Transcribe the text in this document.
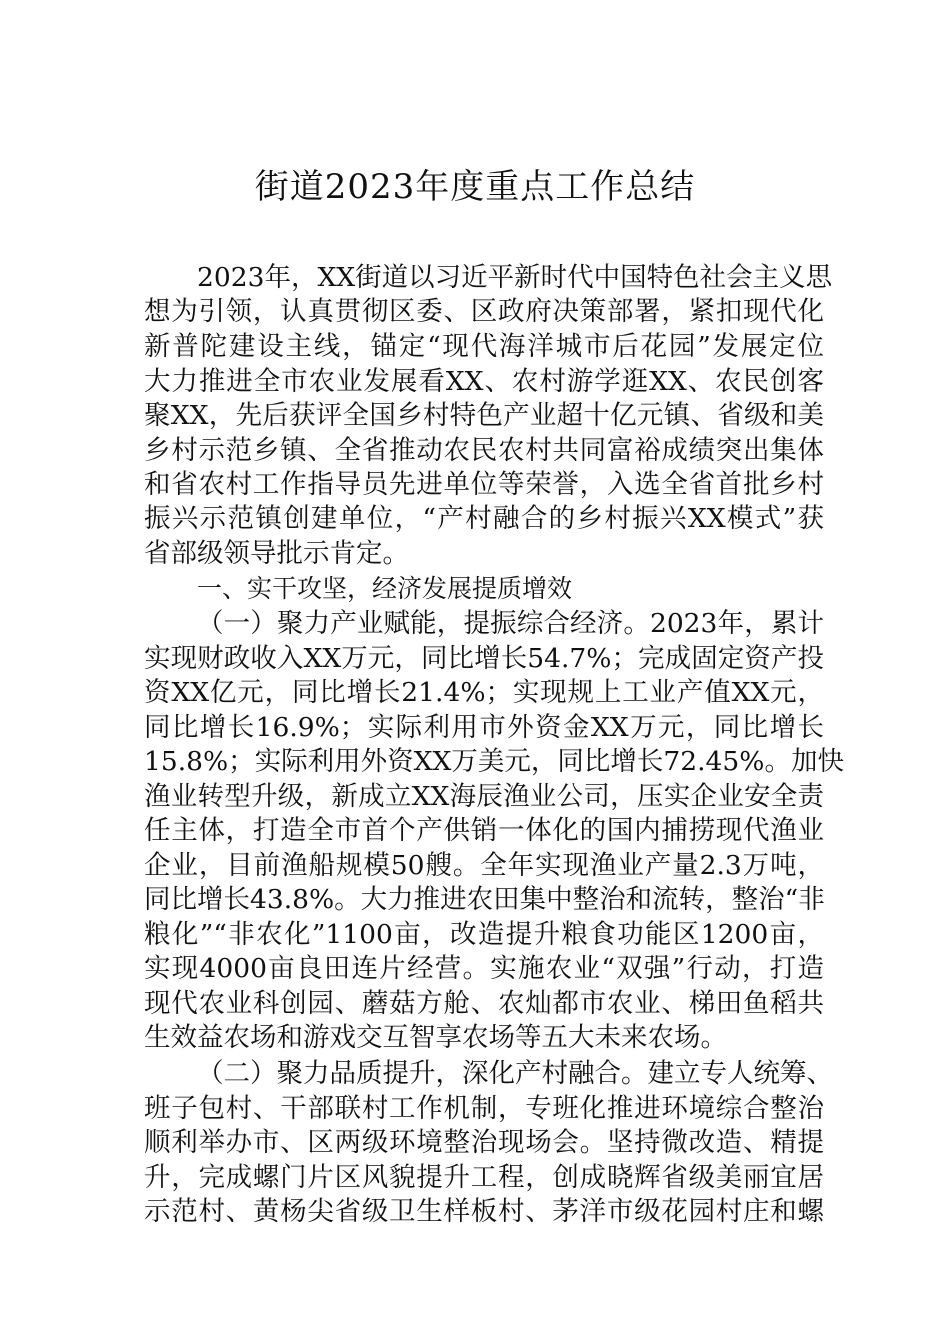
街道2023年度重点工作总结
2023年，XX街道以习近平新时代中国特色社会主义思
想为引领，认真贯彻区委、区政府决策部署，紧扣现代化
新普陀建设主线，锚定“现代海洋城市后花园”发展定位
大力推进全市农业发展看XX、农村游学逛XX、农民创客
聚XX，先后获评全国乡村特色产业超十亿元镇、省级和美
乡村示范乡镇、全省推动农民农村共同富裕成绩突出集体
和省农村工作指导员先进单位等荣誉，入选全省首批乡村
振兴示范镇创建单位，“产村融合的乡村振兴XX模式”获
省部级领导批示肯定。
一、实干攻坚，经济发展提质增效
（一）聚力产业赋能，提振综合经济。2023年，累计
实现财政收入XX万元，同比增长54.7%；完成固定资产投
资XX亿元，同比增长21.4%；实现规上工业产值XX元，
同比增长16.9%；实际利用市外资金XX万元，同比增长
15.8%；实际利用外资XX万美元，同比增长72.45%。加快
渔业转型升级，新成立XX海辰渔业公司，压实企业安全责
任主体，打造全市首个产供销一体化的国内捕捞现代渔业
企业，目前渔船规模50艘。全年实现渔业产量2.3万吨，
同比增长43.8%。大力推进农田集中整治和流转，整治“非
粮化”“非农化”1100亩，改造提升粮食功能区1200亩，
实现4000亩良田连片经营。实施农业“双强”行动，打造
现代农业科创园、蘑菇方舱、农灿都市农业、梯田鱼稻共
生效益农场和游戏交互智享农场等五大未来农场。
（二）聚力品质提升，深化产村融合。建立专人统筹、
班子包村、干部联村工作机制，专班化推进环境综合整治
顺利举办市、区两级环境整治现场会。坚持微改造、精提
升，完成螺门片区风貌提升工程，创成晓辉省级美丽宜居
示范村、黄杨尖省级卫生样板村、茅洋市级花园村庄和螺
